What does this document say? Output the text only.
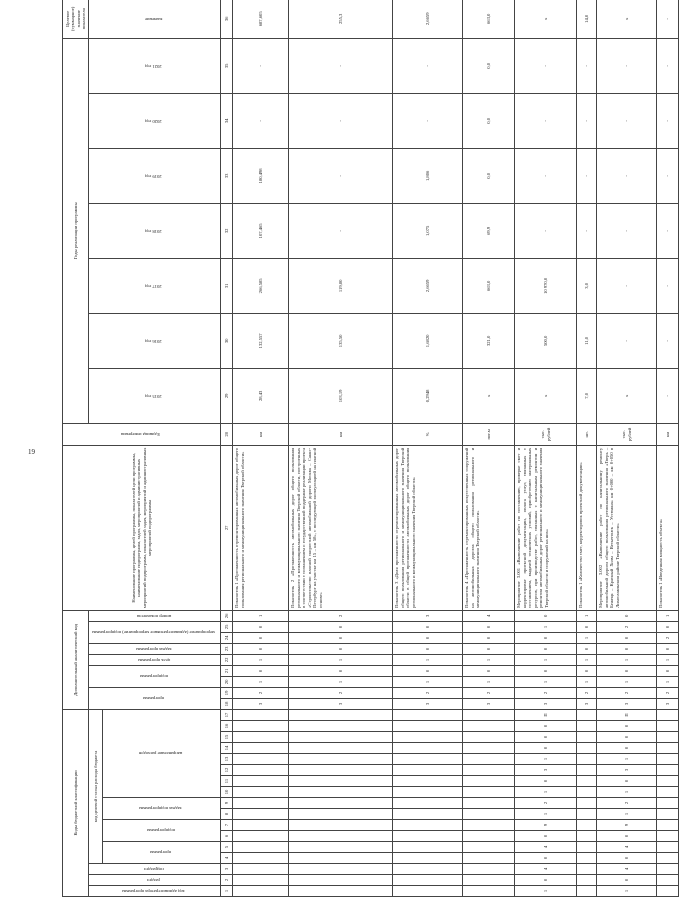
19
Коды бюджетной классификации																	Дополнительный аналитический код									Наименование программы, целей программы, показателей цели программы, наименование подпрограмм, задач, мероприятий и административных мероприятий подпрограмм, показателей задач, мероприятий и административных мероприятий подпрограммы	Единица измерения	Годы реализации программы							Целевое (суммарное) значение показателя	
код администратора программы	раздел	подраздел	код целевой статьи расхода бюджета														программа		подпрограмма		цель программы	задача программы	мероприятие (административное мероприятие) подпрограммы		номер показателя			2015 год	2016 год	2017 год	2018 год	2019 год	2020 год	2021 год	значение	
			программа		подпрограмма		задача подпрограммы		направление расходов																											
1	2	3	4	5	6	7	8	9	10	11	12	13	14	15	16	17	18	19	20	21	22	23	24	25	26	27	28	29	30	31	32	33	34	35	36	
																	3	2	1	0	1	0	0	0	1	Показатель 1 «Протяженность отремонтированных автомобильных дорог общего пользования регионального и межмуниципального значения Тверской области»	км	28,43	132,557	266,585	107,465	180,498	-	-	687,605	
																	3	2	1	0	1	0	0	0	2	Показатель 2 «Протяженность автомобильных дорог общего пользования регионального и межмуниципального значения Тверской области, построенных в соответствии с соглашением о государственной поддержке реализации проекта «Строительство платной скоростной автомобильной дороги Москва – Санкт-Петербург на участке км 15 – км 58», с последующей эксплуатацией на платной основе»	км	103,19	135,50	119,80	-	-	-	-	255,3	
																	3	2	1	0	1	0	0	0	3	Показатель 3 «Доля протяженности отремонтированных автомобильных дорог общего пользования регионального и межмуниципального значения Тверской области в общей протяженности автомобильных дорог общего пользования регионального и межмуниципального значения Тверской области»	%	0,2948	1,6820	2,6659	1,075	1,806	-	-	2,6659	
																	3	2	1	0	1	0	0	0	4	Показатель 4 «Протяженность отремонтированных искусственных сооружений на автомобильных дорогах общего пользования регионального и межмуниципального значения Тверской области»	пог.м	х	321,0	663,0	69,9	0,0	0,0	0,0	663,0	
1	0	4	0	4	0	9	1	2	1	0	3	1	0	0	0	П	3	2	1	0	1	0	0	1	0	Мероприятие 3.001 «Выполнение работ по составлению, проверке смет и корректировке проектной документации, оплата услуг, связанных с составлением, выдачей технических условий, приобретению материальных ресурсов, при производстве работ, связанных с капитальным ремонтом и ремонтом автомобильных дорог регионального и межмуниципального значения Тверской области и сооружений на них»	тыс. рублей	х	500,0	10 970,0	-	-	-	-	х	
																	3	2	1	0	1	0	1	0	1	Показатель 1 «Количество смет, корректировок проектной документации»	шт.	7,0	11,0	3,0	-	-	-	-	14,0	
1	0	4	0	4	0	9	1	2	1	0	3	1	0	0	0	П	3	2	1	0	1	0	0	2	0	Мероприятие 3.002 «Выполнение работ по капитальному ремонту автомобильной дороги общего пользования регионального значения «Тверь – Бежецк – Красный Холм – Весьегонск – Устюжна» км 0+000 – км 0+050 в Лихославльском районе Тверской области»	тыс. рублей	х	-	-	-	-	-	-	х	
																	3	2	1	0	1	0	2	0	1	Показатель 1 «Введенная мощность объекта»	км	-	-	-	-	-	-	-	-	
